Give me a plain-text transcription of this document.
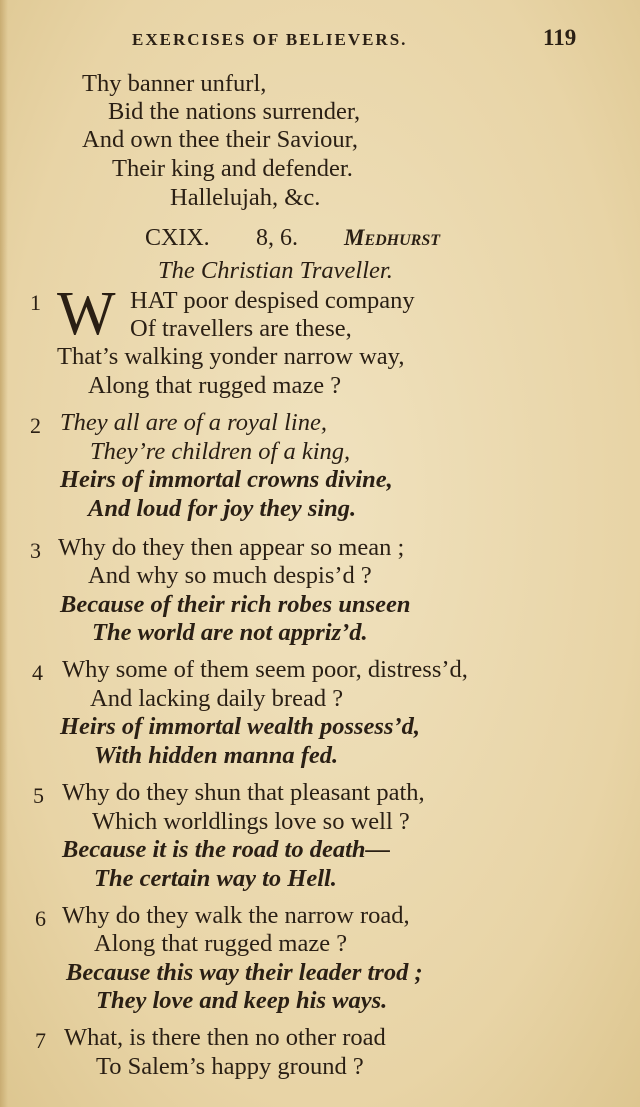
EXERCISES OF BELIEVERS.	119
Thy banner unfurl,
Bid the nations surrender,
And own thee their Saviour,
Their king and defender.
Hallelujah, &c.
CXIX. 8, 6. Medhurst
The Christian Traveller.
1 W HAT poor despised company
Of travellers are these,
That’s walking yonder narrow way,
Along that rugged maze ?
2 They all are of a royal line,
They’re children of a king,
Heirs of immortal crowns divine,
And loud for joy they sing.
3 Why do they then appear so mean ;
And why so much despis’d ?
Because of their rich robes unseen
The world are not appriz’d.
4 Why some of them seem poor, distress’d,
And lacking daily bread ?
Heirs of immortal wealth possess’d,
With hidden manna fed.
5 Why do they shun that pleasant path,
Which worldlings love so well ?
Because it is the road to death—
The certain way to Hell.
6 Why do they walk the narrow road,
Along that rugged maze ?
Because this way their leader trod ;
They love and keep his ways.
7 What, is there then no other road
To Salem’s happy ground ?
